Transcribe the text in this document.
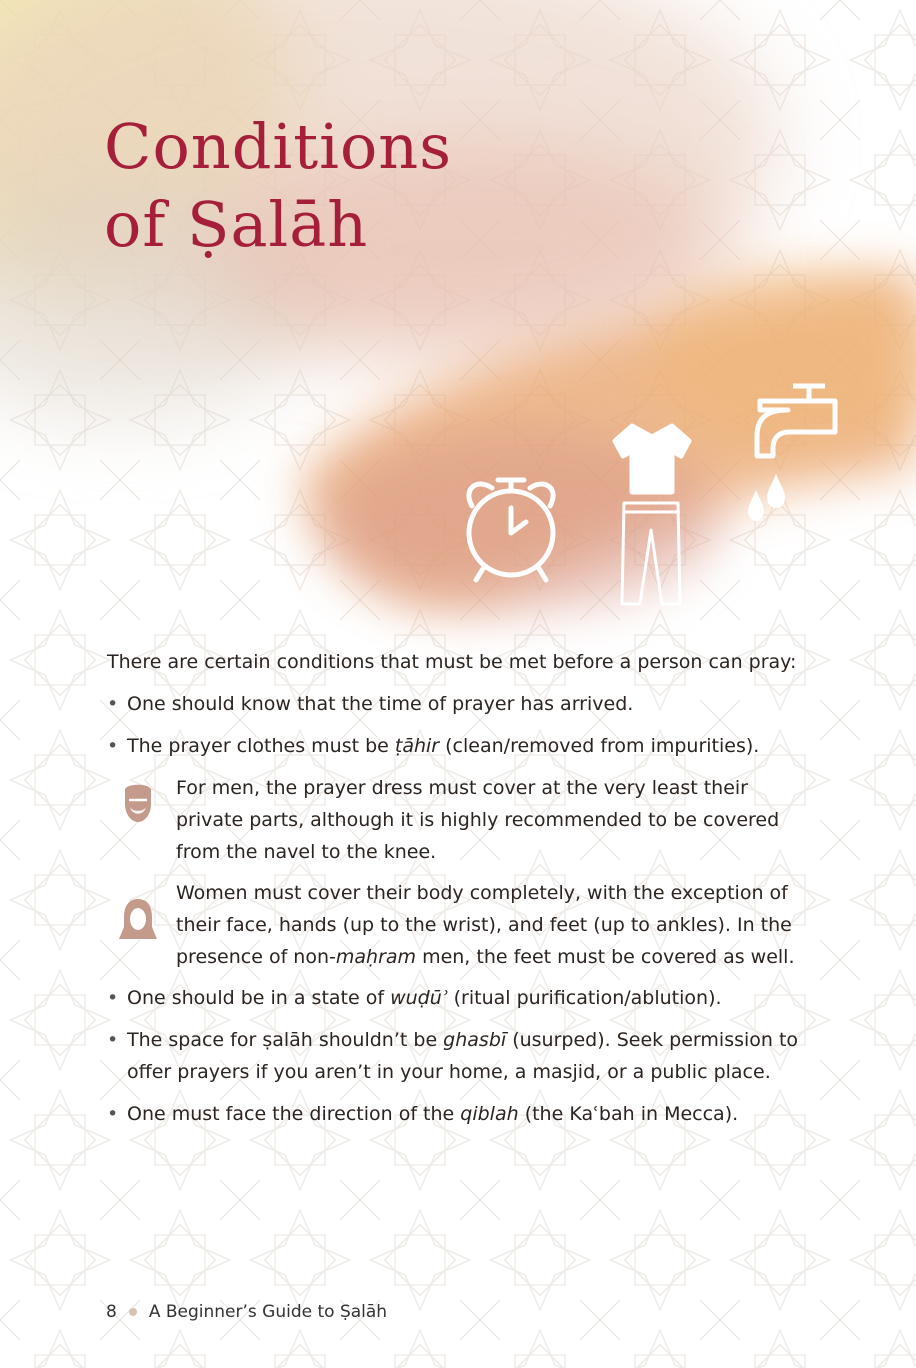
Conditions
of Ṣalāh

There are certain conditions that must be met before a person can pray:

• One should know that the time of prayer has arrived.

• The prayer clothes must be ṭāhir (clean/removed from impurities).

For men, the prayer dress must cover at the very least their private parts, although it is highly recommended to be covered from the navel to the knee.
Women must cover their body completely, with the exception of their face, hands (up to the wrist), and feet (up to ankles). In the presence of non-maḥram men, the feet must be covered as well.

• One should be in a state of wuḍūʾ (ritual purification/ablution).

• The space for ṣalāh shouldn’t be ghasbī (usurped). Seek permission to offer prayers if you aren’t in your home, a masjid, or a public place.

• One must face the direction of the qiblah (the Kaʿbah in Mecca).

8 A Beginner’s Guide to Ṣalāh
